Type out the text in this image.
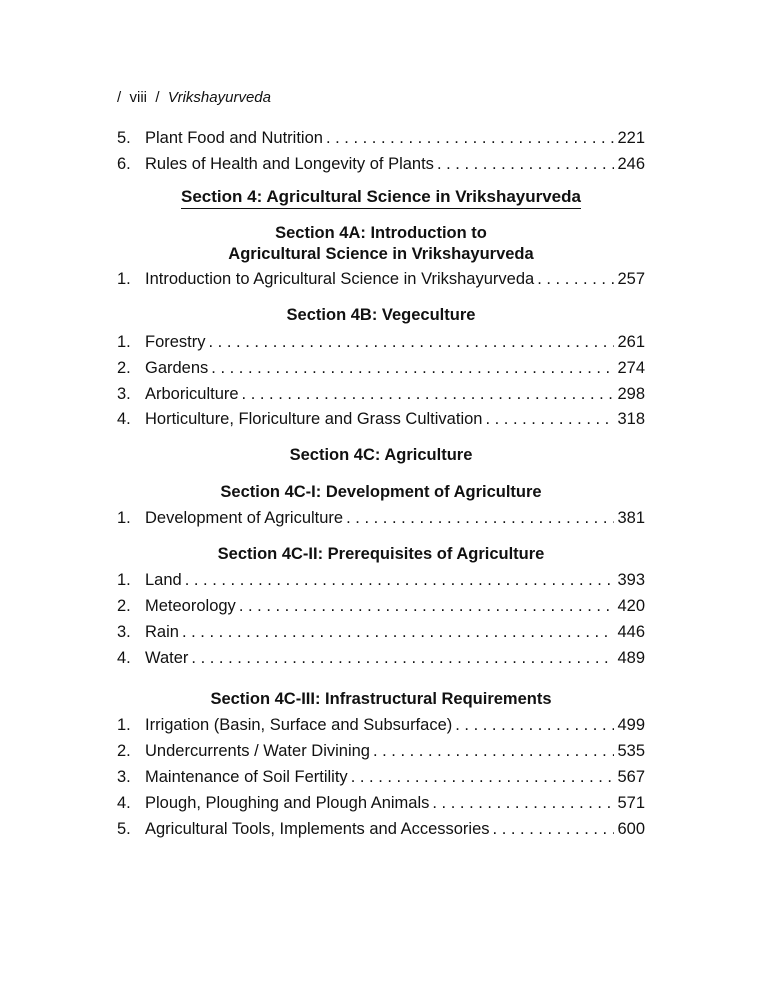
/ viii / Vrikshayurveda
5. Plant Food and Nutrition . . .	221
6. Rules of Health and Longevity of Plants . . .	246
Section 4: Agricultural Science in Vrikshayurveda
Section 4A: Introduction to
Agricultural Science in Vrikshayurveda
1. Introduction to Agricultural Science in Vrikshayurveda . . .	257
Section 4B: Vegeculture
1. Forestry . . .	261
2. Gardens . . .	274
3. Arboriculture . . .	298
4. Horticulture, Floriculture and Grass Cultivation . . .	318
Section 4C: Agriculture
Section 4C-I: Development of Agriculture
1. Development of Agriculture . . .	381
Section 4C-II: Prerequisites of Agriculture
1. Land . . .	393
2. Meteorology . . .	420
3. Rain . . .	446
4. Water . . .	489
Section 4C-III: Infrastructural Requirements
1. Irrigation (Basin, Surface and Subsurface) . . .	499
2. Undercurrents / Water Divining . . .	535
3. Maintenance of Soil Fertility . . .	567
4. Plough, Ploughing and Plough Animals . . .	571
5. Agricultural Tools, Implements and Accessories . . .	600
